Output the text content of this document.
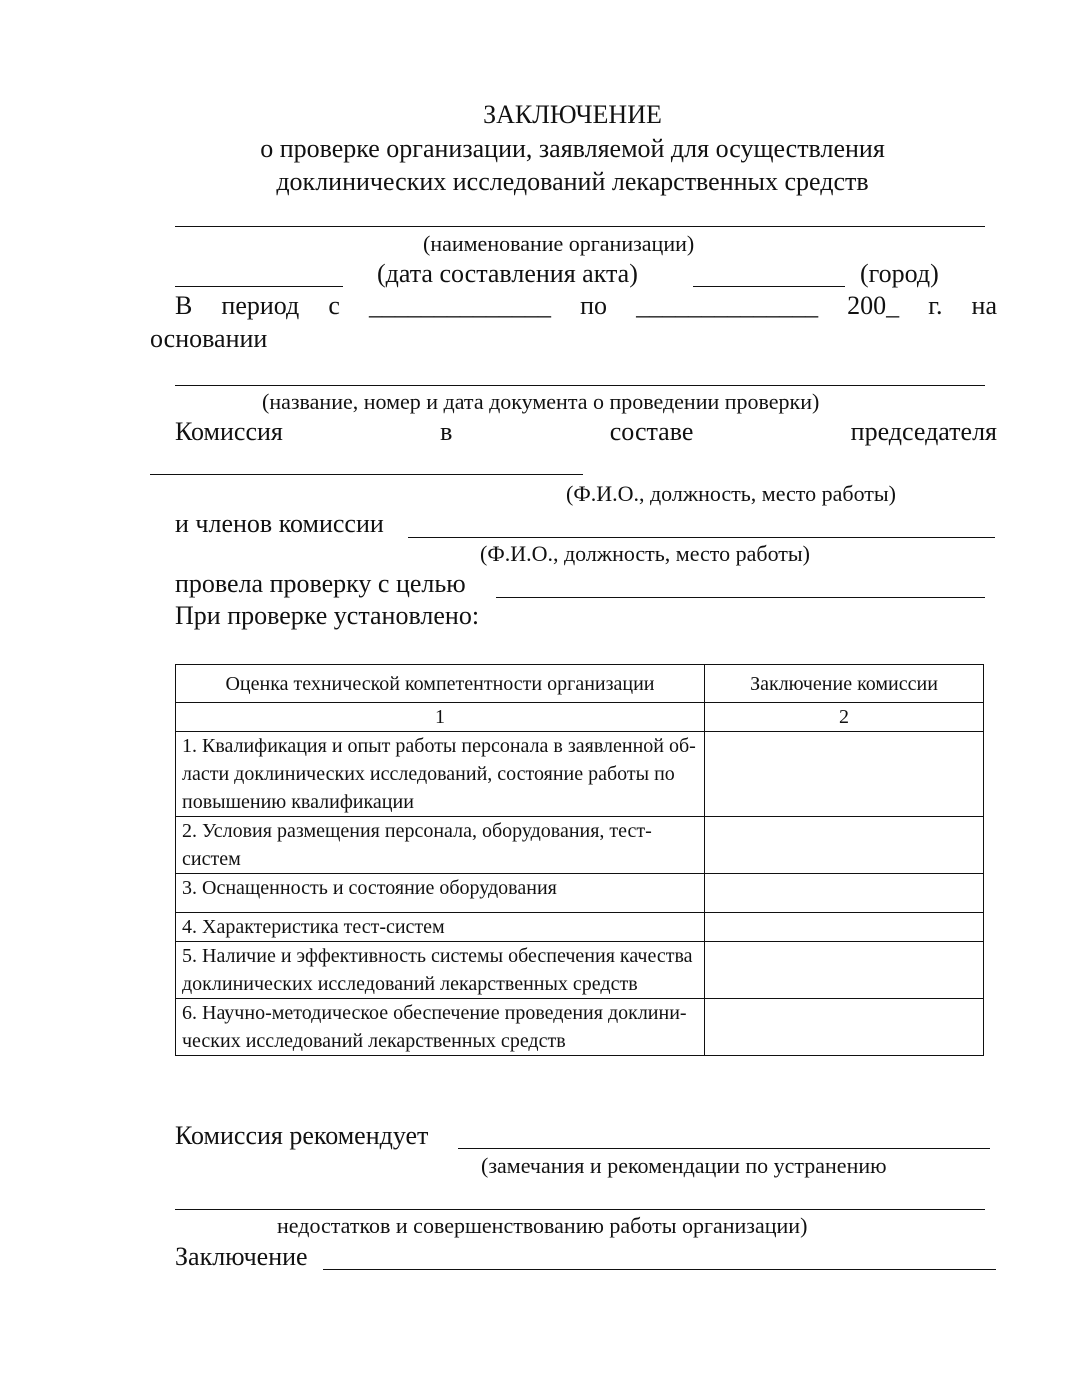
ЗАКЛЮЧЕНИЕ
о проверке организации, заявляемой для осуществления
доклинических исследований лекарственных средств
(наименование организации)
(дата составления акта)	(город)
В период с ______________ по ______________ 200_ г. на
основании
(название, номер и дата документа о проведении проверки)
Комиссия	в	составе	председателя
(Ф.И.О., должность, место работы)
и членов комиссии
(Ф.И.О., должность, место работы)
провела проверку с целью
При проверке установлено:
Оценка технической компетентности организации	Заключение комиссии
1	2

1. Квалификация и опыт работы персонала в заявленной об-
ласти доклинических исследований, состояние работы по
повышению квалификации	

2. Условия размещения персонала, оборудования, тест-
систем	

3. Оснащенность и состояние оборудования	

4. Характеристика тест-систем	

5. Наличие и эффективность системы обеспечения качества
доклинических исследований лекарственных средств	

6. Научно-методическое обеспечение проведения доклини-
ческих исследований лекарственных средств	

Комиссия рекомендует
(замечания и рекомендации по устранению
недостатков и совершенствованию работы организации)
Заключение
